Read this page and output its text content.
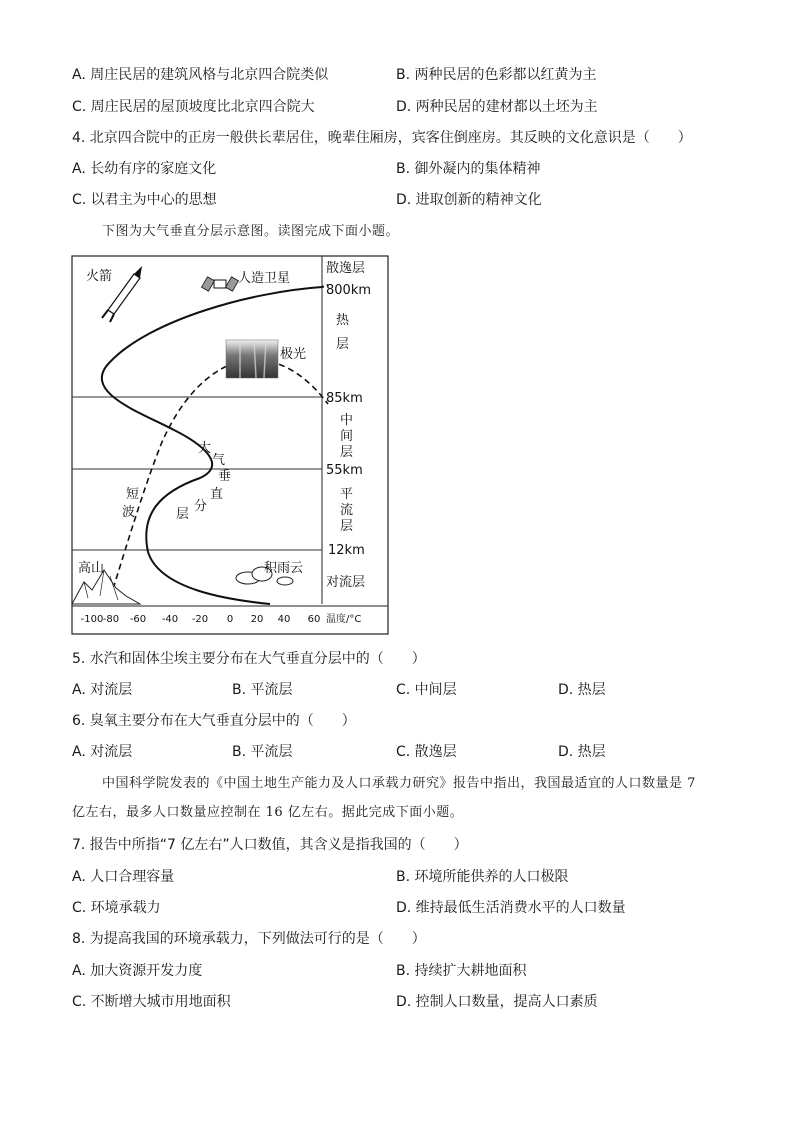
A. 周庄民居的建筑风格与北京四合院类似	B. 两种民居的色彩都以红黄为主
C. 周庄民居的屋顶坡度比北京四合院大	D. 两种民居的建材都以土坯为主
4. 北京四合院中的正房一般供长辈居住，晚辈住厢房，宾客住倒座房。其反映的文化意识是（　　）
A. 长幼有序的家庭文化	B. 御外凝内的集体精神
C. 以君主为中心的思想	D. 进取创新的精神文化
下图为大气垂直分层示意图。读图完成下面小题。
火箭	人造卫星
极光
大
气
垂
直
分
层
短
波
高山	积雨云
散逸层
800km
热
层
85km
中
间
层
55km
平
流
层
12km
对流层
-100 -80 -60 -40 -20 0 20 40 60 温度/°C
5. 水汽和固体尘埃主要分布在大气垂直分层中的（　　）
A. 对流层	B. 平流层	C. 中间层	D. 热层
6. 臭氧主要分布在大气垂直分层中的（　　）
A. 对流层	B. 平流层	C. 散逸层	D. 热层
中国科学院发表的《中国土地生产能力及人口承载力研究》报告中指出，我国最适宜的人口数量是 7
亿左右，最多人口数量应控制在 16 亿左右。据此完成下面小题。
7. 报告中所指“7 亿左右”人口数值，其含义是指我国的（　　）
A. 人口合理容量	B. 环境所能供养的人口极限
C. 环境承载力	D. 维持最低生活消费水平的人口数量
8. 为提高我国的环境承载力，下列做法可行的是（　　）
A. 加大资源开发力度	B. 持续扩大耕地面积
C. 不断增大城市用地面积	D. 控制人口数量，提高人口素质
